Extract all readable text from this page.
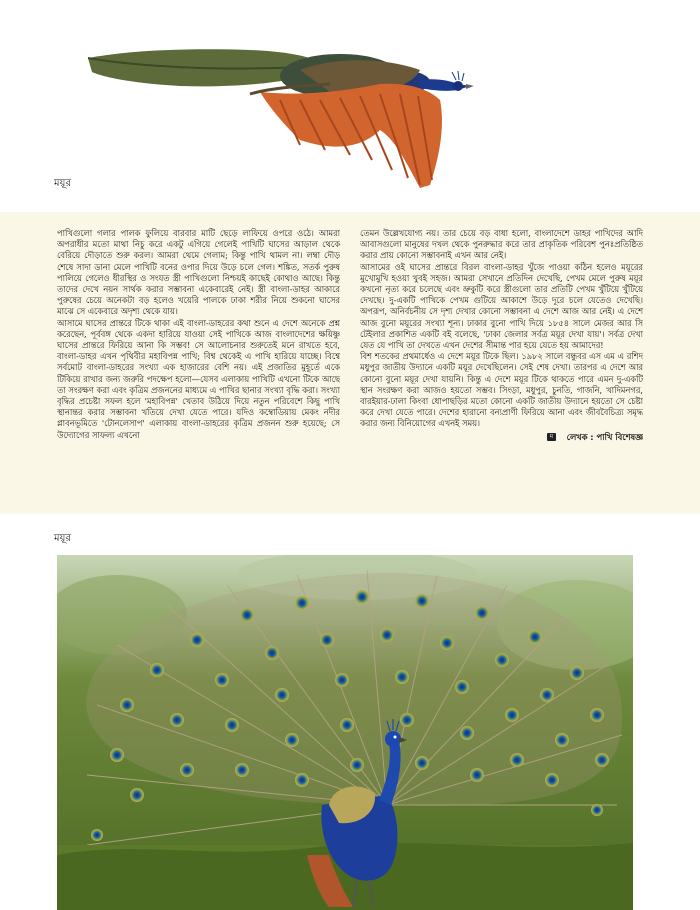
ময়ূর

পাখিগুলো গলার পালক ফুলিয়ে বারবার মাটি ছেড়ে লাফিয়ে ওপরে ওঠে। আমরা অপরাধীর মতো মাথা নিচু করে একটু এগিয়ে গেলেই পাখিটি ঘাসের আড়াল থেকে বেরিয়ে দৌড়াতে শুরু করল। আমরা থেমে গেলাম; কিন্তু পাখি থামল না। লম্বা দৌড় শেষে সাদা ডানা মেলে পাখিটি বনের ওপার দিয়ে উড়ে চলে গেল। শঙ্কিত, সতর্ক পুরুষ পালিয়ে গেলেও ধীরস্থির ও সংযত স্ত্রী পাখিগুলো নিশ্চয়ই কাছেই কোথাও আছে। কিন্তু তাদের দেখে নয়ন সার্থক করার সম্ভাবনা একেবারেই নেই। স্ত্রী বাংলা-ডাহর আকারে পুরুষের চেয়ে অনেকটা বড় হলেও খয়েরি পালকে ঢাকা শরীর নিয়ে শুকনো ঘাসের মাঝে সে একেবারে অদৃশ্য থেকে যায়।

আসামে ঘাসের প্রান্তরে টিকে থাকা এই বাংলা-ডাহরের কথা শুনে এ দেশে অনেকে প্রশ্ন করেছেন, পূর্ববঙ্গ থেকে একদা হারিয়ে যাওয়া সেই পাখিকে আজ বাংলাদেশের ক্ষয়িষ্ণু ঘাসের প্রান্তরে ফিরিয়ে আনা কি সম্ভব! সে আলোচনার শুরুতেই মনে রাখতে হবে, বাংলা-ডাহর এখন পৃথিবীর মহাবিপন্ন পাখি; বিশ্ব থেকেই এ পাখি হারিয়ে যাচ্ছে। বিশ্বে সর্বমোট বাংলা-ডাহরের সংখ্যা এক হাজারের বেশি নয়। এই প্রজাতির মুহূর্তে একে টিকিয়ে রাখার জন্য জরুরি পদক্ষেপ হলো—যেসব এলাকায় পাখিটি এখনো টিকে আছে তা সংরক্ষণ করা এবং কৃত্রিম প্রজননের মাধ্যমে এ পাখির ছানার সংখ্যা বৃদ্ধি করা। সংখ্যা বৃদ্ধির প্রচেষ্টা সফল হলে 'মহাবিপন্ন' খেতাব উঠিয়ে দিয়ে নতুন পরিবেশে কিছু পাখি স্থানান্তর করার সম্ভাবনা খতিয়ে দেখা যেতে পারে। যদিও কম্বোডিয়ায় মেকং নদীর প্লাবনভূমিতে 'টোনলেসাপ' এলাকায় বাংলা-ডাহরের কৃত্রিম প্রজনন শুরু হয়েছে; সে উদ্যোগের সাফল্য এখনো

তেমন উল্লেখযোগ্য নয়। তার চেয়ে বড় বাধা হলো, বাংলাদেশে ডাহর পাখিদের আদি আবাসগুলো মানুষের দখল থেকে পুনরুদ্ধার করে তার প্রাকৃতিক পরিবেশ পুনঃপ্রতিষ্ঠিত করার প্রায় কোনো সম্ভাবনাই এখন আর নেই।

আসামের ওই ঘাসের প্রান্তরে বিরল বাংলা-ডাহর খুঁজে পাওয়া কঠিন হলেও ময়ূরের মুখোমুখি হওয়া খুবই সহজ। আমরা সেখানে প্রতিদিন দেখেছি, পেখম মেলে পুরুষ ময়ূর কখনো নৃত্য করে চলেছে এবং ভ্রুকুটি করে স্ত্রীগুলো তার প্রতিটি পেখম খুঁটিয়ে খুঁটিয়ে দেখছে। দু-একটি পাখিকে পেখম গুটিয়ে আকাশে উড়ে দূরে চলে যেতেও দেখেছি। অপরূপ, অনির্বচনীয় সে দৃশ্য দেখার কোনো সম্ভাবনা এ দেশে আজ আর নেই। এ দেশে আজ বুনো ময়ূরের সংখ্যা শূন্য। ঢাকার বুনো পাখি দিয়ে ১৮৫৪ সালে মেজর আর সি টেইলার প্রকাশিত একটি বই বলেছে, 'ঢাকা জেলার সর্বত্র ময়ূর দেখা যায়'। সর্বত্র দেখা যেত যে পাখি তা দেখতে এখন দেশের সীমান্ত পার হয়ে যেতে হয় আমাদের!

বিশ শতকের প্রথমার্ধেও এ দেশে ময়ূর টিকে ছিল। ১৯৮২ সালে বন্ধুবর এস এম এ রশিদ মধুপুর জাতীয় উদ্যানে একটি ময়ূর দেখেছিলেন। সেই শেষ দেখা। তারপর এ দেশে আর কোনো বুনো ময়ূর দেখা যায়নি। কিন্তু এ দেশে ময়ূর টিকে থাকতে পারে এমন দু-একটি স্থান সংরক্ষণ করা আজও হয়তো সম্ভব। সিংড়া, মধুপুর, চুনতি, গাজনি, খাদিমনগর, বারইয়ার-ঢালা কিংবা ধোপাছড়ির মতো কোনো একটি জাতীয় উদ্যানে হয়তো সে চেষ্টা করে দেখা যেতে পারে। দেশের হারানো বন্যপ্রাণী ফিরিয়ে আনা এবং জীববৈচিত্র্য সমৃদ্ধ করার জন্য বিনিয়োগের এখনই সময়।

ম লেখক : পাখি বিশেষজ্ঞ
ময়ূর
